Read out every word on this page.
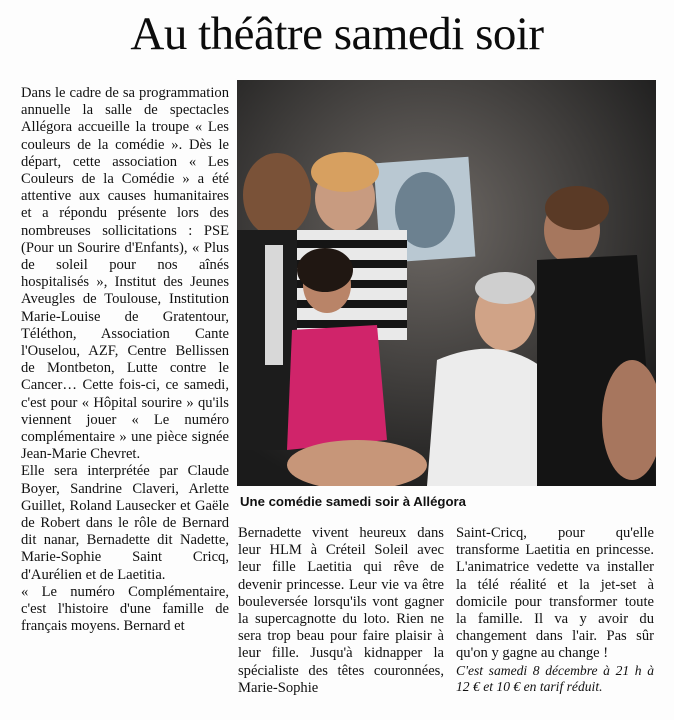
Au théâtre samedi soir

Dans le cadre de sa programmation annuelle la salle de spectacles Allégora accueille la troupe « Les couleurs de la comédie ». Dès le départ, cette association « Les Couleurs de la Comédie » a été attentive aux causes humanitaires et a répondu présente lors des nombreuses sollicitations : PSE (Pour un Sourire d'Enfants), « Plus de soleil pour nos aînés hospitalisés », Institut des Jeunes Aveugles de Toulouse, Institution Marie-Louise de Gratentour, Téléthon, Association Cante l'Ouselou, AZF, Centre Bellissen de Montbeton, Lutte contre le Cancer… Cette fois-ci, ce samedi, c'est pour « Hôpital sourire » qu'ils viennent jouer « Le numéro complémentaire » une pièce signée Jean-Marie Chevret.

Elle sera interprétée par Claude Boyer, Sandrine Claveri, Arlette Guillet, Roland Lausecker et Gaële de Robert dans le rôle de Bernard dit nanar, Bernadette dit Nadette, Marie-Sophie Saint Cricq, d'Aurélien et de Laetitia.

« Le numéro Complémentaire, c'est l'histoire d'une famille de français moyens. Bernard et

Une comédie samedi soir à Allégora

Bernadette vivent heureux dans leur HLM à Créteil Soleil avec leur fille Laetitia qui rêve de devenir princesse. Leur vie va être bouleversée lorsqu'ils vont gagner la supercagnotte du loto. Rien ne sera trop beau pour faire plaisir à leur fille. Jusqu'à kidnapper la spécialiste des têtes couronnées, Marie-Sophie

Saint-Cricq, pour qu'elle transforme Laetitia en princesse. L'animatrice vedette va installer la télé réalité et la jet-set à domicile pour transformer toute la famille. Il va y avoir du changement dans l'air. Pas sûr qu'on y gagne au change !

C'est samedi 8 décembre à 21 h à 12 € et 10 € en tarif réduit.
